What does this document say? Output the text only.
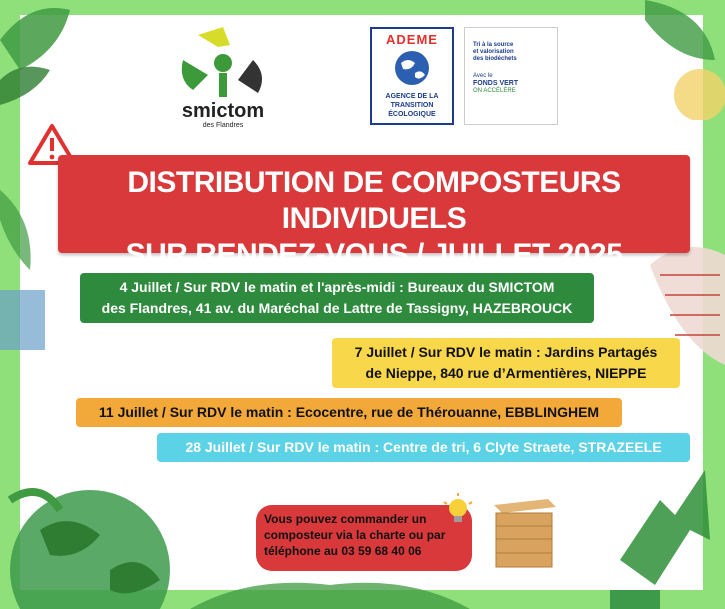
smictom
des Flandres
ADEME
AGENCE DE LA
TRANSITION
ÉCOLOGIQUE
Tri à la source
et valorisation
des biodéchets
Avec le
FONDS VERT
ON ACCÉLÈRE
DISTRIBUTION DE COMPOSTEURS INDIVIDUELS
SUR RENDEZ-VOUS / JUILLET 2025
4 Juillet / Sur RDV le matin et l'après-midi : Bureaux du SMICTOM
des Flandres, 41 av. du Maréchal de Lattre de Tassigny, HAZEBROUCK
7 Juillet / Sur RDV le matin : Jardins Partagés
de Nieppe, 840 rue d’Armentières, NIEPPE
11 Juillet / Sur RDV le matin : Ecocentre, rue de Thérouanne, EBBLINGHEM
28 Juillet / Sur RDV le matin : Centre de tri, 6 Clyte Straete, STRAZEELE
Vous pouvez commander un composteur via la charte ou par téléphone au 03 59 68 40 06
